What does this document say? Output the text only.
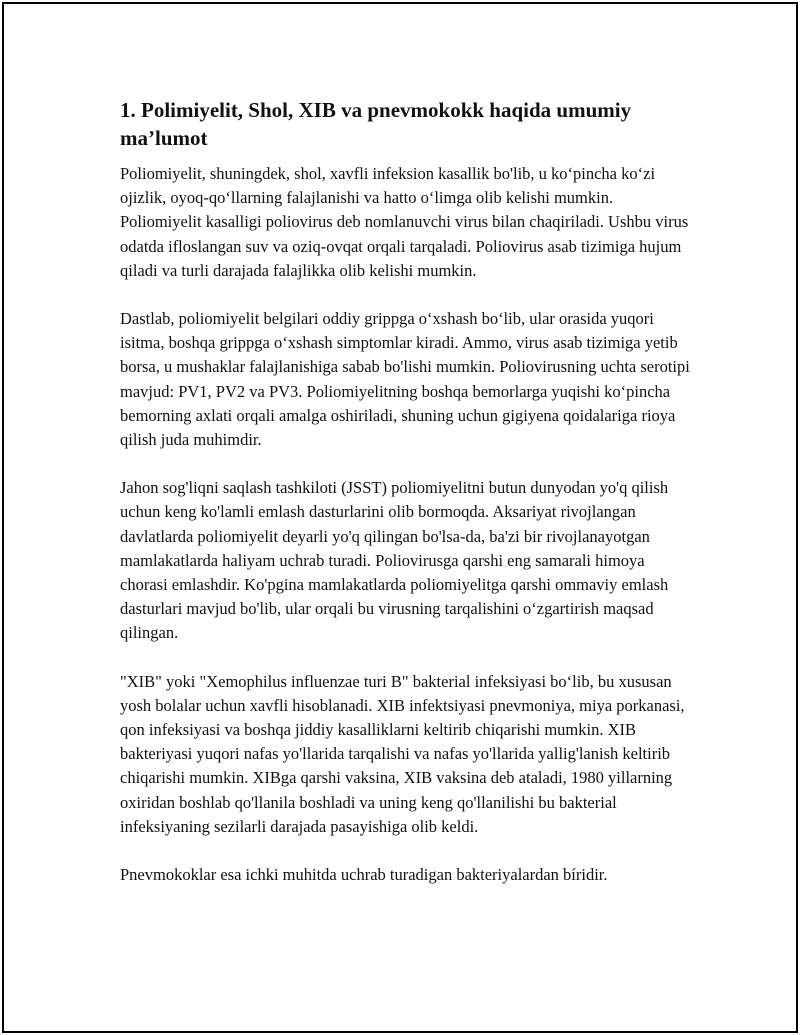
1. Polimiyelit, Shol, XIB va pnevmokokk haqida umumiy ma’lumot

Poliomiyelit, shuningdek, shol, xavfli infeksion kasallik bo'lib, u ko‘pincha ko‘zi ojizlik, oyoq-qo‘llarning falajlanishi va hatto o‘limga olib kelishi mumkin. Poliomiyelit kasalligi poliovirus deb nomlanuvchi virus bilan chaqiriladi. Ushbu virus odatda ifloslangan suv va oziq-ovqat orqali tarqaladi. Poliovirus asab tizimiga hujum qiladi va turli darajada falajlikka olib kelishi mumkin.

Dastlab, poliomiyelit belgilari oddiy grippga o‘xshash bo‘lib, ular orasida yuqori isitma, boshqa grippga o‘xshash simptomlar kiradi. Ammo, virus asab tizimiga yetib borsa, u mushaklar falajlanishiga sabab bo'lishi mumkin. Poliovirusning uchta serotipi mavjud: PV1, PV2 va PV3. Poliomiyelitning boshqa bemorlarga yuqishi ko‘pincha bemorning axlati orqali amalga oshiriladi, shuning uchun gigiyena qoidalariga rioya qilish juda muhimdir.

Jahon sog'liqni saqlash tashkiloti (JSST) poliomiyelitni butun dunyodan yo'q qilish uchun keng ko'lamli emlash dasturlarini olib bormoqda. Aksariyat rivojlangan davlatlarda poliomiyelit deyarli yo'q qilingan bo'lsa-da, ba'zi bir rivojlanayotgan mamlakatlarda haliyam uchrab turadi. Poliovirusga qarshi eng samarali himoya chorasi emlashdir. Ko'pgina mamlakatlarda poliomiyelitga qarshi ommaviy emlash dasturlari mavjud bo'lib, ular orqali bu virusning tarqalishini o‘zgartirish maqsad qilingan.

"XIB" yoki "Xemophilus influenzae turi B" bakterial infeksiyasi bo‘lib, bu xususan yosh bolalar uchun xavfli hisoblanadi. XIB infektsiyasi pnevmoniya, miya porkanasi, qon infeksiyasi va boshqa jiddiy kasalliklarni keltirib chiqarishi mumkin. XIB bakteriyasi yuqori nafas yo'llarida tarqalishi va nafas yo'llarida yallig'lanish keltirib chiqarishi mumkin. XIBga qarshi vaksina, XIB vaksina deb ataladi, 1980 yillarning oxiridan boshlab qo'llanila boshladi va uning keng qo'llanilishi bu bakterial infeksiyaning sezilarli darajada pasayishiga olib keldi.

Pnevmokoklar esa ichki muhitda uchrab turadigan bakteriyalardan bíridir.
